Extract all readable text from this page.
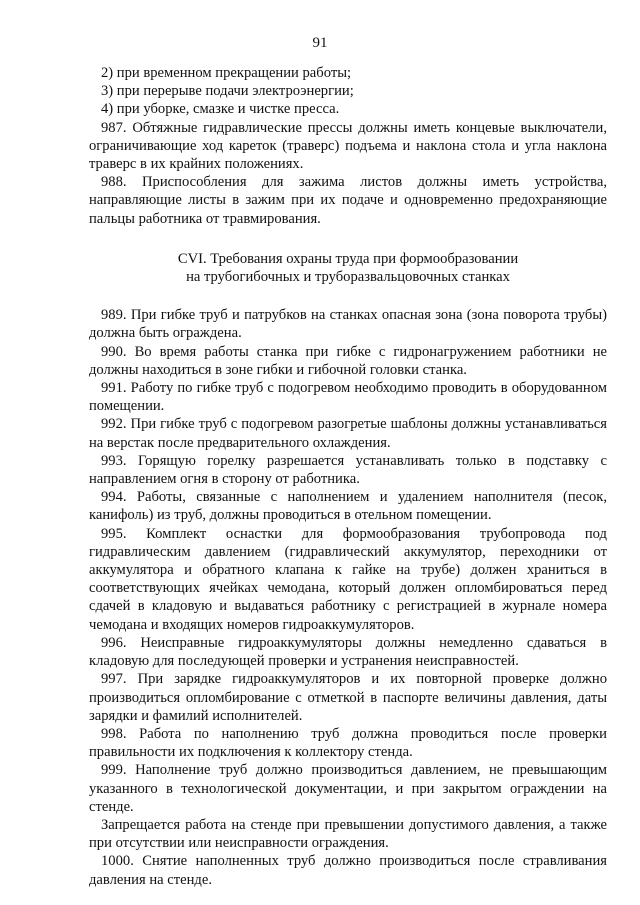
91

2) при временном прекращении работы;

3) при перерыве подачи электроэнергии;

4) при уборке, смазке и чистке пресса.

987. Обтяжные гидравлические прессы должны иметь концевые выключатели, ограничивающие ход кареток (траверс) подъема и наклона стола и угла наклона траверс в их крайних положениях.

988. Приспособления для зажима листов должны иметь устройства, направляющие листы в зажим при их подаче и одновременно предохраняющие пальцы работника от травмирования.

CVI. Требования охраны труда при формообразовании
на трубогибочных и труборазвальцовочных станках

989. При гибке труб и патрубков на станках опасная зона (зона поворота трубы) должна быть ограждена.

990. Во время работы станка при гибке с гидронагружением работники не должны находиться в зоне гибки и гибочной головки станка.

991. Работу по гибке труб с подогревом необходимо проводить в оборудованном помещении.

992. При гибке труб с подогревом разогретые шаблоны должны устанавливаться на верстак после предварительного охлаждения.

993. Горящую горелку разрешается устанавливать только в подставку с направлением огня в сторону от работника.

994. Работы, связанные с наполнением и удалением наполнителя (песок, канифоль) из труб, должны проводиться в отельном помещении.

995. Комплект оснастки для формообразования трубопровода под гидравлическим давлением (гидравлический аккумулятор, переходники от аккумулятора и обратного клапана к гайке на трубе) должен храниться в соответствующих ячейках чемодана, который должен опломбироваться перед сдачей в кладовую и выдаваться работнику с регистрацией в журнале номера чемодана и входящих номеров гидроаккумуляторов.

996. Неисправные гидроаккумуляторы должны немедленно сдаваться в кладовую для последующей проверки и устранения неисправностей.

997. При зарядке гидроаккумуляторов и их повторной проверке должно производиться опломбирование с отметкой в паспорте величины давления, даты зарядки и фамилий исполнителей.

998. Работа по наполнению труб должна проводиться после проверки правильности их подключения к коллектору стенда.

999. Наполнение труб должно производиться давлением, не превышающим указанного в технологической документации, и при закрытом ограждении на стенде.

Запрещается работа на стенде при превышении допустимого давления, а также при отсутствии или неисправности ограждения.

1000. Снятие наполненных труб должно производиться после стравливания давления на стенде.
